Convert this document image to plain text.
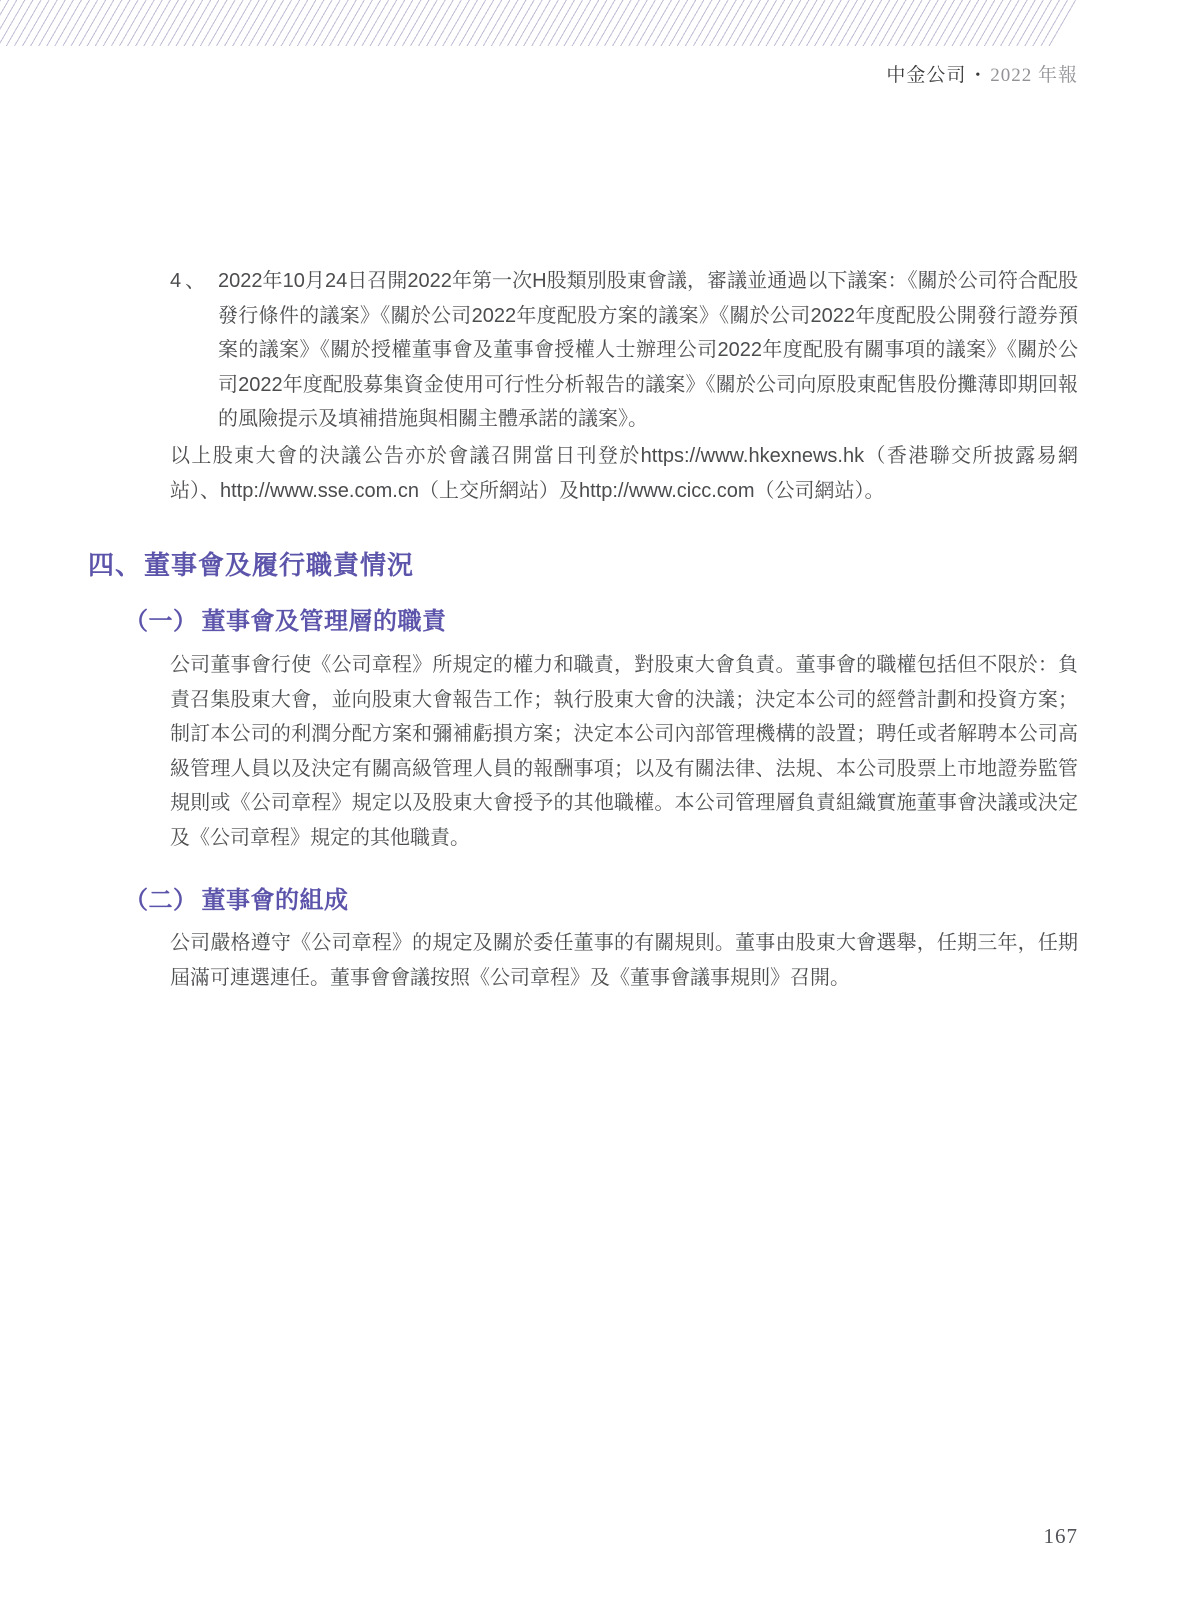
中金公司 • 2022 年報
4、 2022年10月24日召開2022年第一次H股類別股東會議，審議並通過以下議案：《關於公司符合配股發行條件的議案》《關於公司2022年度配股方案的議案》《關於公司2022年度配股公開發行證券預案的議案》《關於授權董事會及董事會授權人士辦理公司2022年度配股有關事項的議案》《關於公司2022年度配股募集資金使用可行性分析報告的議案》《關於公司向原股東配售股份攤薄即期回報的風險提示及填補措施與相關主體承諾的議案》。

以上股東大會的決議公告亦於會議召開當日刊登於https://www.hkexnews.hk（香港聯交所披露易網站）、http://www.sse.com.cn（上交所網站）及http://www.cicc.com（公司網站）。

四、董事會及履行職責情況
（一） 董事會及管理層的職責

公司董事會行使《公司章程》所規定的權力和職責，對股東大會負責。董事會的職權包括但不限於：負責召集股東大會，並向股東大會報告工作；執行股東大會的決議；決定本公司的經營計劃和投資方案；制訂本公司的利潤分配方案和彌補虧損方案；決定本公司內部管理機構的設置；聘任或者解聘本公司高級管理人員以及決定有關高級管理人員的報酬事項；以及有關法律、法規、本公司股票上市地證券監管規則或《公司章程》規定以及股東大會授予的其他職權。本公司管理層負責組織實施董事會決議或決定及《公司章程》規定的其他職責。

（二） 董事會的組成

公司嚴格遵守《公司章程》的規定及關於委任董事的有關規則。董事由股東大會選舉，任期三年，任期屆滿可連選連任。董事會會議按照《公司章程》及《董事會議事規則》召開。

167
